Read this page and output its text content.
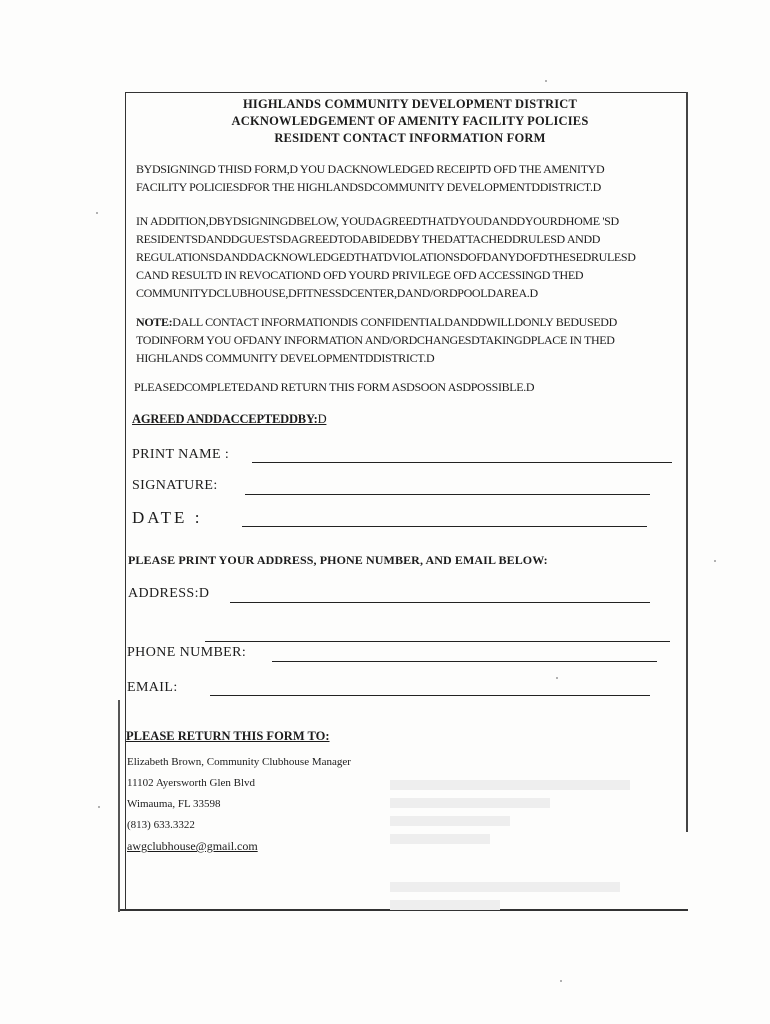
HIGHLANDS COMMUNITY DEVELOPMENT DISTRICT
ACKNOWLEDGEMENT OF AMENITY FACILITY POLICIES
RESIDENT CONTACT INFORMATION FORM
BYDSIGNINGD THISD FORM,D YOU DACKNOWLEDGED RECEIPTD OFD THE AMENITYD
FACILITY POLICIESDFOR THE HIGHLANDSDCOMMUNITY DEVELOPMENTDDISTRICT.D
IN ADDITION,DBYDSIGNINGDBELOW, YOUDAGREEDTHATDYOUDANDDYOURDHOME 'SD
RESIDENTSDANDDGUESTSDAGREEDTODABIDEDBY THEDATTACHEDDRULESD ANDD
REGULATIONSDANDDACKNOWLEDGEDTHATDVIOLATIONSDOFDANYDOFDTHESEDRULESD
CAND RESULTD IN REVOCATIOND OFD YOURD PRIVILEGE OFD ACCESSINGD THED
COMMUNITYDCLUBHOUSE,DFITNESSDCENTER,DAND/ORDPOOLDAREA.D
NOTE:DALL CONTACT INFORMATIONDIS CONFIDENTIALDANDDWILLDONLY BEDUSEDD
TODINFORM YOU OFDANY INFORMATION AND/ORDCHANGESDTAKINGDPLACE IN THED
HIGHLANDS COMMUNITY DEVELOPMENTDDISTRICT.D
PLEASEDCOMPLETEDAND RETURN THIS FORM ASDSOON ASDPOSSIBLE.D
AGREED ANDDACCEPTEDDBY:D
PRINT NAME :
SIGNATURE:
DATE :
PLEASE PRINT YOUR ADDRESS, PHONE NUMBER, AND EMAIL BELOW:
ADDRESS:D
PHONE NUMBER:
EMAIL:
PLEASE RETURN THIS FORM TO:
Elizabeth Brown, Community Clubhouse Manager
11102 Ayersworth Glen Blvd
Wimauma, FL 33598
(813) 633.3322
awgclubhouse@gmail.com
